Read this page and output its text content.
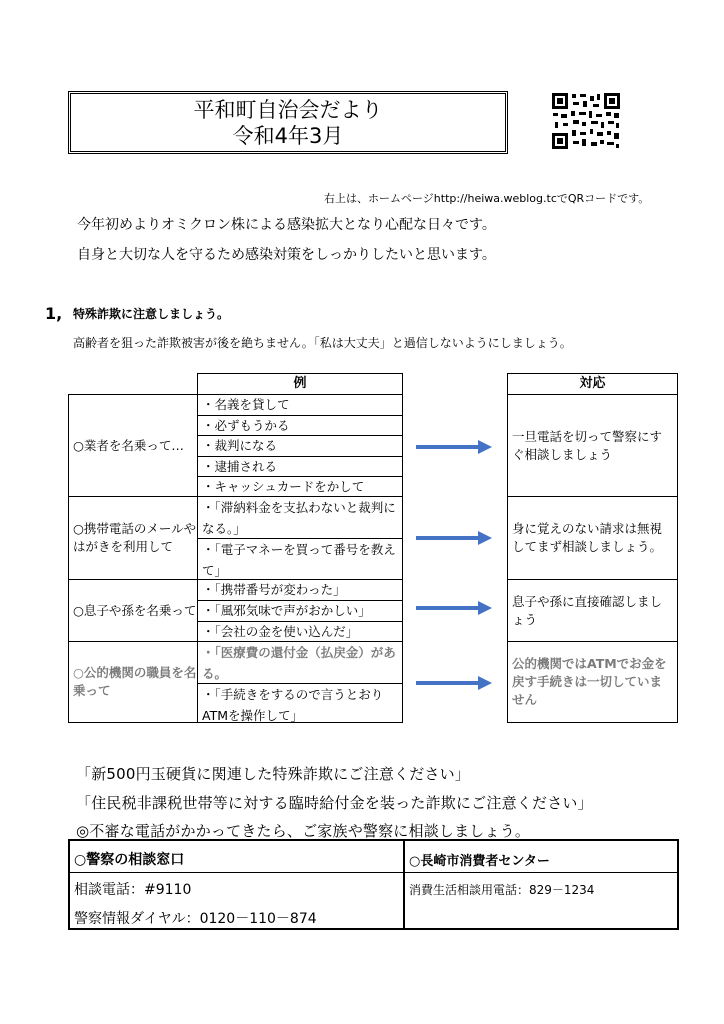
平和町自治会だより
令和4年3月
右上は、ホームページhttp://heiwa.weblog.tcでQRコードです。
今年初めよりオミクロン株による感染拡大となり心配な日々です。
自身と大切な人を守るため感染対策をしっかりしたいと思います。
1, 特殊詐欺に注意しましょう。
高齢者を狙った詐欺被害が後を絶ちません。「私は大丈夫」と過信しないようにしましょう。
例	対応
○業者を名乗って…
・名義を貸して
・必ずもうかる
・裁判になる
・逮捕される
・キャッシュカードをかして
一旦電話を切って警察にすぐ相談しましょう
○携帯電話のメールやはがきを利用して
・「滞納料金を支払わないと裁判になる。」
・「電子マネーを買って番号を教えて」
身に覚えのない請求は無視してまず相談しましょう。
○息子や孫を名乗って
・「携帯番号が変わった」
・「風邪気味で声がおかしい」
・「会社の金を使い込んだ」
息子や孫に直接確認しましょう
○公的機関の職員を名乗って
・「医療費の還付金（払戻金）がある。
・「手続きをするので言うとおりATMを操作して」
公的機関ではATMでお金を戻す手続きは一切していません
「新500円玉硬貨に関連した特殊詐欺にご注意ください」
「住民税非課税世帯等に対する臨時給付金を装った詐欺にご注意ください」
◎不審な電話がかかってきたら、ご家族や警察に相談しましょう。
○警察の相談窓口	○長崎市消費者センター
相談電話：#9110
警察情報ダイヤル：0120－110－874
消費生活相談用電話：829－1234
